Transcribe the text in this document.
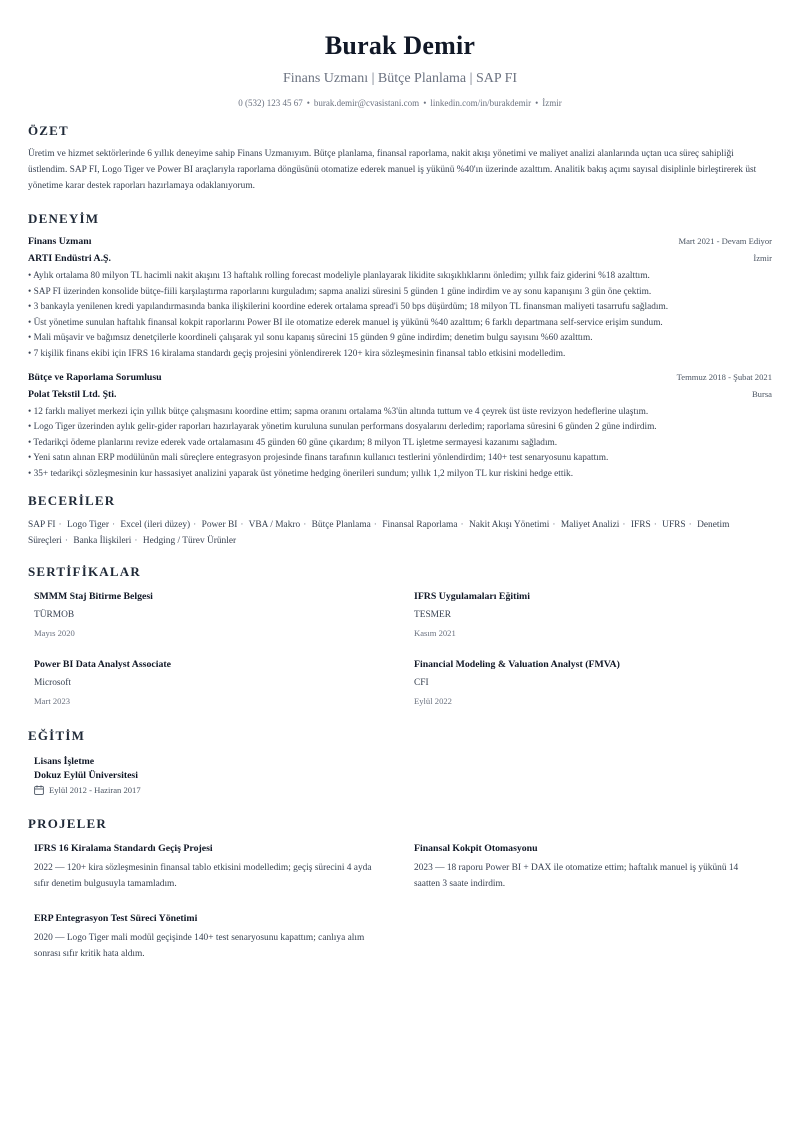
Burak Demir
Finans Uzmanı | Bütçe Planlama | SAP FI
0 (532) 123 45 67 • burak.demir@cvasistani.com • linkedin.com/in/burakdemir • İzmir
ÖZET
Üretim ve hizmet sektörlerinde 6 yıllık deneyime sahip Finans Uzmanıyım. Bütçe planlama, finansal raporlama, nakit akışı yönetimi ve maliyet analizi alanlarında uçtan uca süreç sahipliği üstlendim. SAP FI, Logo Tiger ve Power BI araçlarıyla raporlama döngüsünü otomatize ederek manuel iş yükünü %40'ın üzerinde azalttım. Analitik bakış açımı sayısal disiplinle birleştirerek üst yönetime karar destek raporları hazırlamaya odaklanıyorum.
DENEYİM
Finans Uzmanı	Mart 2021 - Devam Ediyor
ARTI Endüstri A.Ş.	İzmir
• Aylık ortalama 80 milyon TL hacimli nakit akışını 13 haftalık rolling forecast modeliyle planlayarak likidite sıkışıklıklarını önledim; yıllık faiz giderini %18 azalttım.
• SAP FI üzerinden konsolide bütçe-fiili karşılaştırma raporlarını kurguladım; sapma analizi süresini 5 günden 1 güne indirdim ve ay sonu kapanışını 3 gün öne çektim.
• 3 bankayla yenilenen kredi yapılandırmasında banka ilişkilerini koordine ederek ortalama spread'i 50 bps düşürdüm; 18 milyon TL finansman maliyeti tasarrufu sağladım.
• Üst yönetime sunulan haftalık finansal kokpit raporlarını Power BI ile otomatize ederek manuel iş yükünü %40 azalttım; 6 farklı departmana self-service erişim sundum.
• Mali müşavir ve bağımsız denetçilerle koordineli çalışarak yıl sonu kapanış sürecini 15 günden 9 güne indirdim; denetim bulgu sayısını %60 azalttım.
• 7 kişilik finans ekibi için IFRS 16 kiralama standardı geçiş projesini yönlendirerek 120+ kira sözleşmesinin finansal tablo etkisini modelledim.
Bütçe ve Raporlama Sorumlusu	Temmuz 2018 - Şubat 2021
Polat Tekstil Ltd. Şti.	Bursa
• 12 farklı maliyet merkezi için yıllık bütçe çalışmasını koordine ettim; sapma oranını ortalama %3'ün altında tuttum ve 4 çeyrek üst üste revizyon hedeflerine ulaştım.
• Logo Tiger üzerinden aylık gelir-gider raporları hazırlayarak yönetim kuruluna sunulan performans dosyalarını derledim; raporlama süresini 6 günden 2 güne indirdim.
• Tedarikçi ödeme planlarını revize ederek vade ortalamasını 45 günden 60 güne çıkardım; 8 milyon TL işletme sermayesi kazanımı sağladım.
• Yeni satın alınan ERP modülünün mali süreçlere entegrasyon projesinde finans tarafının kullanıcı testlerini yönlendirdim; 140+ test senaryosunu kapattım.
• 35+ tedarikçi sözleşmesinin kur hassasiyet analizini yaparak üst yönetime hedging önerileri sundum; yıllık 1,2 milyon TL kur riskini hedge ettik.
BECERİLER
SAP FI · Logo Tiger · Excel (ileri düzey) · Power BI · VBA / Makro · Bütçe Planlama · Finansal Raporlama · Nakit Akışı Yönetimi · Maliyet Analizi · IFRS · UFRS · Denetim Süreçleri · Banka İlişkileri · Hedging / Türev Ürünler
SERTİFİKALAR
SMMM Staj Bitirme Belgesi
TÜRMOB
Mayıs 2020
IFRS Uygulamaları Eğitimi
TESMER
Kasım 2021
Power BI Data Analyst Associate
Microsoft
Mart 2023
Financial Modeling & Valuation Analyst (FMVA)
CFI
Eylül 2022
EĞİTİM
Lisans İşletme
Dokuz Eylül Üniversitesi
Eylül 2012 - Haziran 2017
PROJELER
IFRS 16 Kiralama Standardı Geçiş Projesi
2022 — 120+ kira sözleşmesinin finansal tablo etkisini modelledim; geçiş sürecini 4 ayda sıfır denetim bulgusuyla tamamladım.
Finansal Kokpit Otomasyonu
2023 — 18 raporu Power BI + DAX ile otomatize ettim; haftalık manuel iş yükünü 14 saatten 3 saate indirdim.
ERP Entegrasyon Test Süreci Yönetimi
2020 — Logo Tiger mali modül geçişinde 140+ test senaryosunu kapattım; canlıya alım sonrası sıfır kritik hata aldım.
